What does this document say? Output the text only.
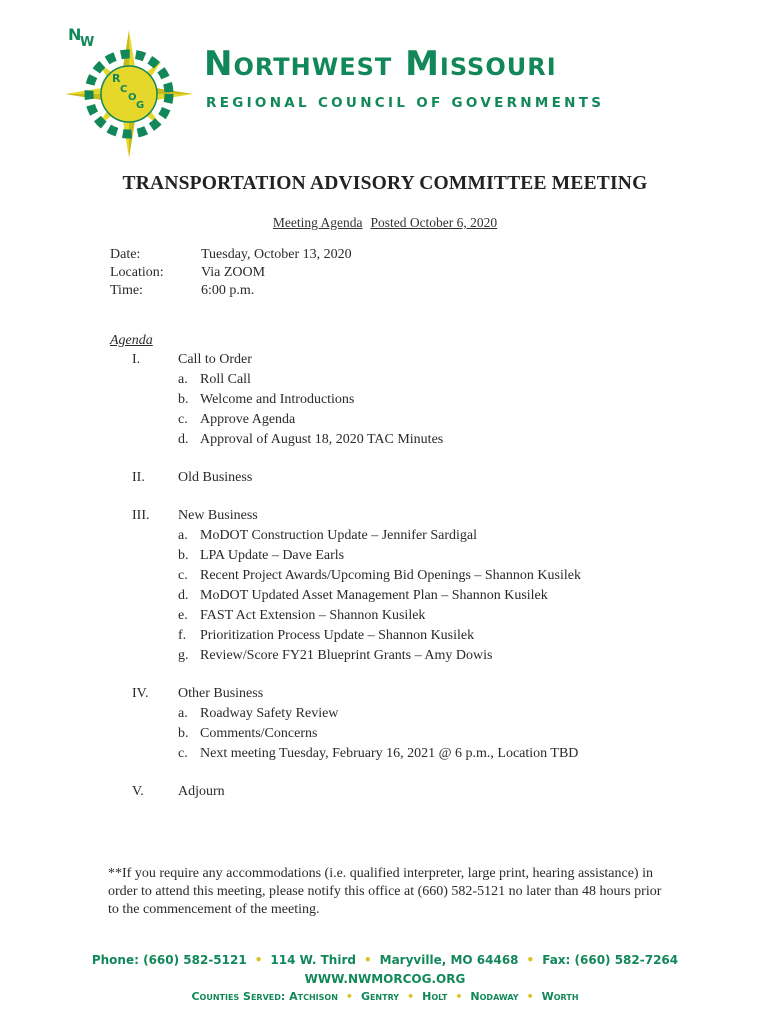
N
W
R
C
O
G
Northwest Missouri
REGIONAL COUNCIL OF GOVERNMENTS
TRANSPORTATION ADVISORY COMMITTEE MEETING
Meeting Agenda Posted October 6, 2020
Date:	Tuesday, October 13, 2020
Location:	Via ZOOM
Time:	6:00 p.m.
Agenda
I.	Call to Order
a. Roll Call
b. Welcome and Introductions
c. Approve Agenda
d. Approval of August 18, 2020 TAC Minutes
II. Old Business
III. New Business
a. MoDOT Construction Update – Jennifer Sardigal
b. LPA Update – Dave Earls
c. Recent Project Awards/Upcoming Bid Openings – Shannon Kusilek
d. MoDOT Updated Asset Management Plan – Shannon Kusilek
e. FAST Act Extension – Shannon Kusilek
f. Prioritization Process Update – Shannon Kusilek
g. Review/Score FY21 Blueprint Grants – Amy Dowis
IV. Other Business
a. Roadway Safety Review
b. Comments/Concerns
c. Next meeting Tuesday, February 16, 2021 @ 6 p.m., Location TBD
V. Adjourn
**If you require any accommodations (i.e. qualified interpreter, large print, hearing assistance) in order to attend this meeting, please notify this office at (660) 582-5121 no later than 48 hours prior to the commencement of the meeting.
Phone: (660) 582-5121 • 114 W. Third • Maryville, MO 64468 • Fax: (660) 582-7264
WWW.NWMORCOG.ORG
Counties Served: Atchison • Gentry • Holt • Nodaway • Worth
